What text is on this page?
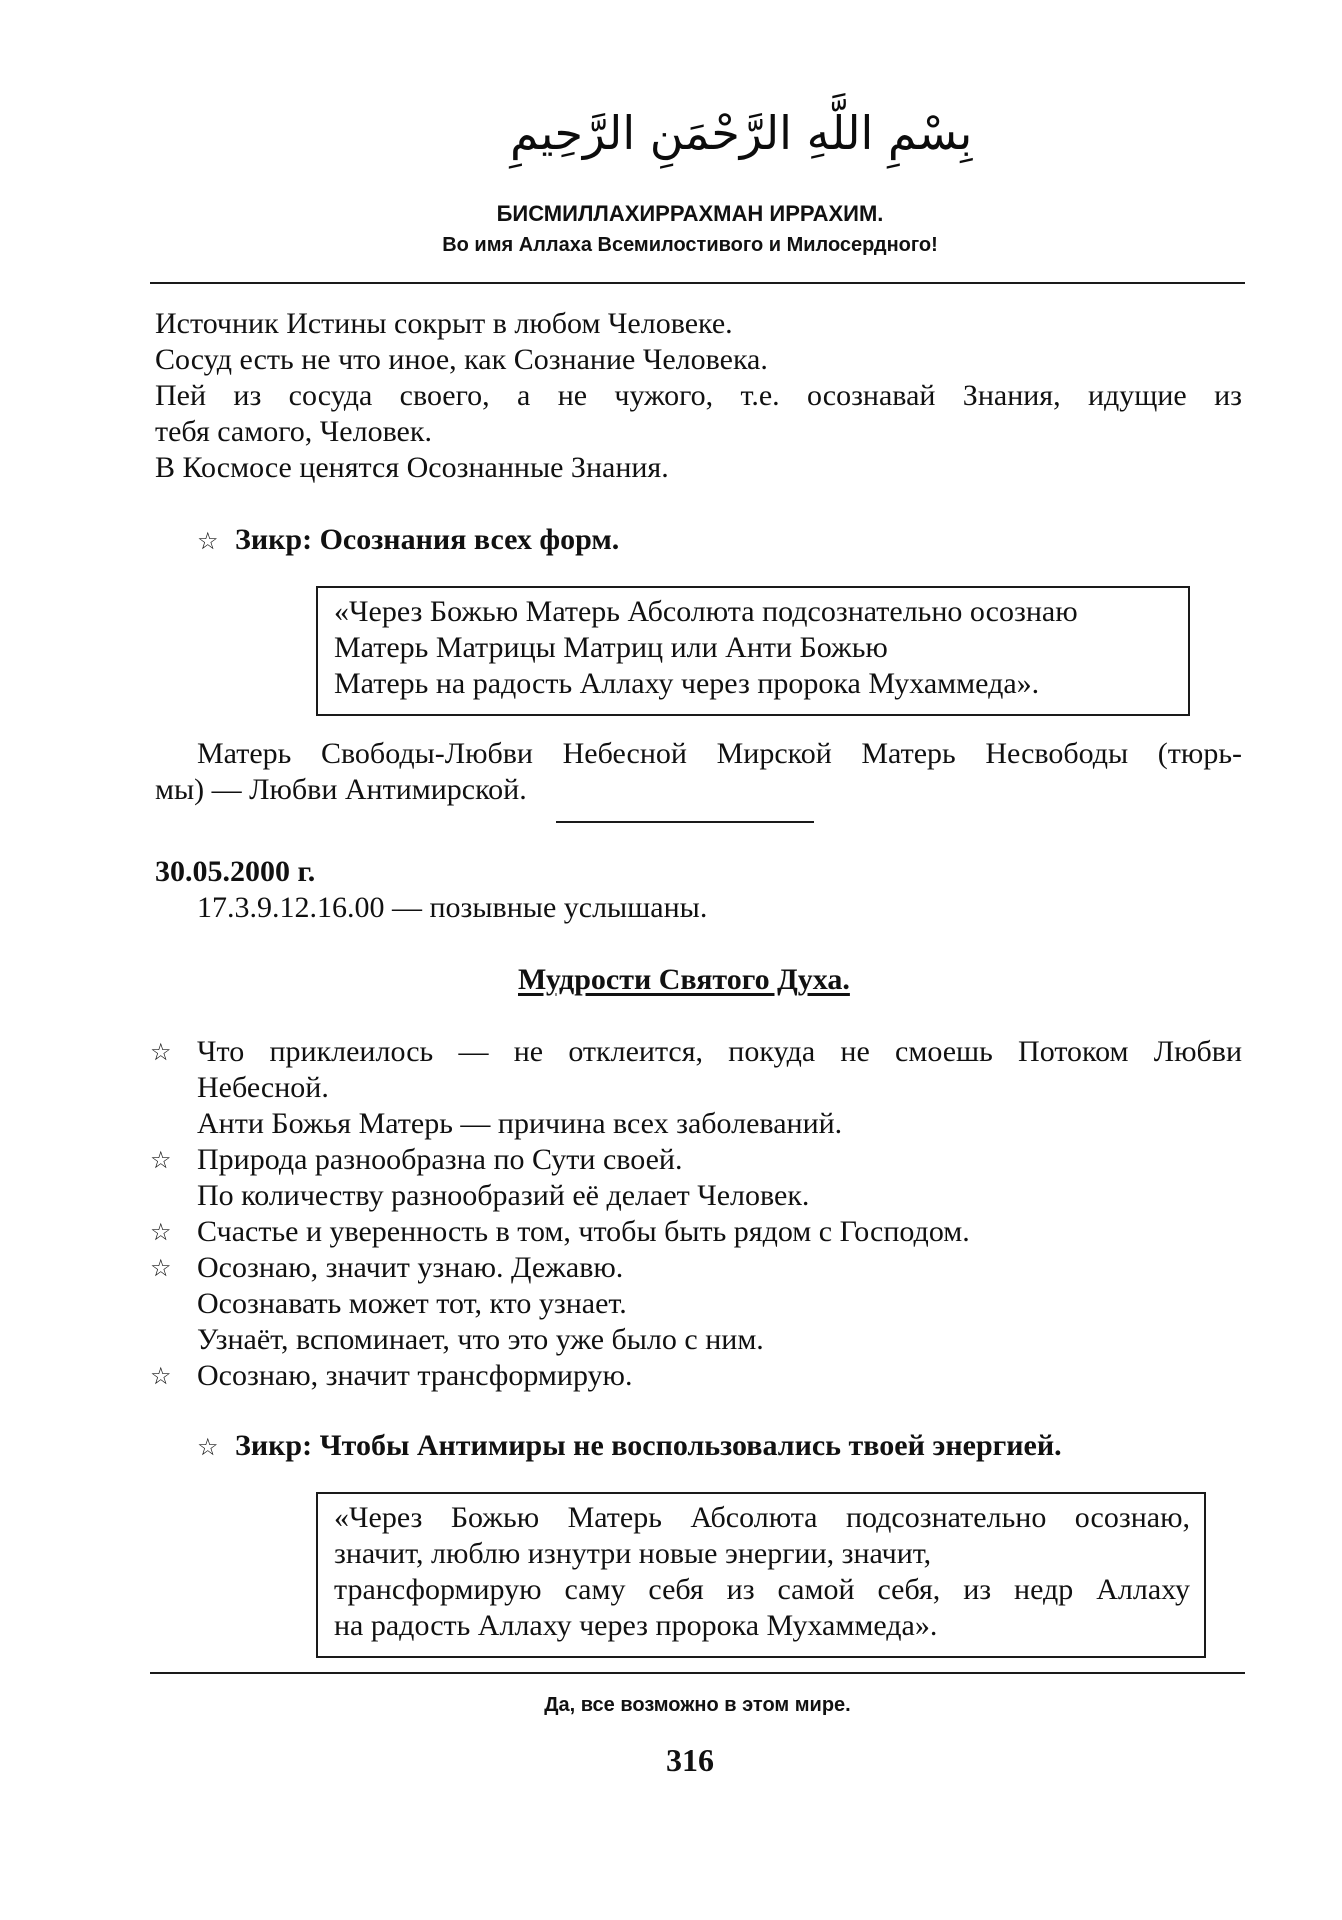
بِسْمِ اللَّهِ الرَّحْمَنِ الرَّحِيمِ
БИСМИЛЛАХИРРАХМАН ИРРАХИМ.
Во имя Аллаха Всемилостивого и Милосердного!
Источник Истины сокрыт в любом Человеке.
Сосуд есть не что иное, как Сознание Человека.
Пей из сосуда своего, а не чужого, т.е. осознавай Знания, идущие из
тебя самого, Человек.
В Космосе ценятся Осознанные Знания.
☆ Зикр: Осознания всех форм.
«Через Божью Матерь Абсолюта подсознательно осознаю
Матерь Матрицы Матриц или Анти Божью
Матерь на радость Аллаху через пророка Мухаммеда».
Матерь Свободы-Любви Небесной Мирской Матерь Несвободы (тюрь-
мы) — Любви Антимирской.
30.05.2000 г.
17.3.9.12.16.00 — позывные услышаны.
Мудрости Святого Духа.
☆ Что приклеилось — не отклеится, покуда не смоешь Потоком Любви
Небесной.
Анти Божья Матерь — причина всех заболеваний.
☆ Природа разнообразна по Сути своей.
По количеству разнообразий её делает Человек.
☆ Счастье и уверенность в том, чтобы быть рядом с Господом.
☆ Осознаю, значит узнаю. Дежавю.
Осознавать может тот, кто узнает.
Узнаёт, вспоминает, что это уже было с ним.
☆ Осознаю, значит трансформирую.
☆ Зикр: Чтобы Антимиры не воспользовались твоей энергией.
«Через Божью Матерь Абсолюта подсознательно осознаю,
значит, люблю изнутри новые энергии, значит,
трансформирую саму себя из самой себя, из недр Аллаху
на радость Аллаху через пророка Мухаммеда».
Да, все возможно в этом мире.
316
